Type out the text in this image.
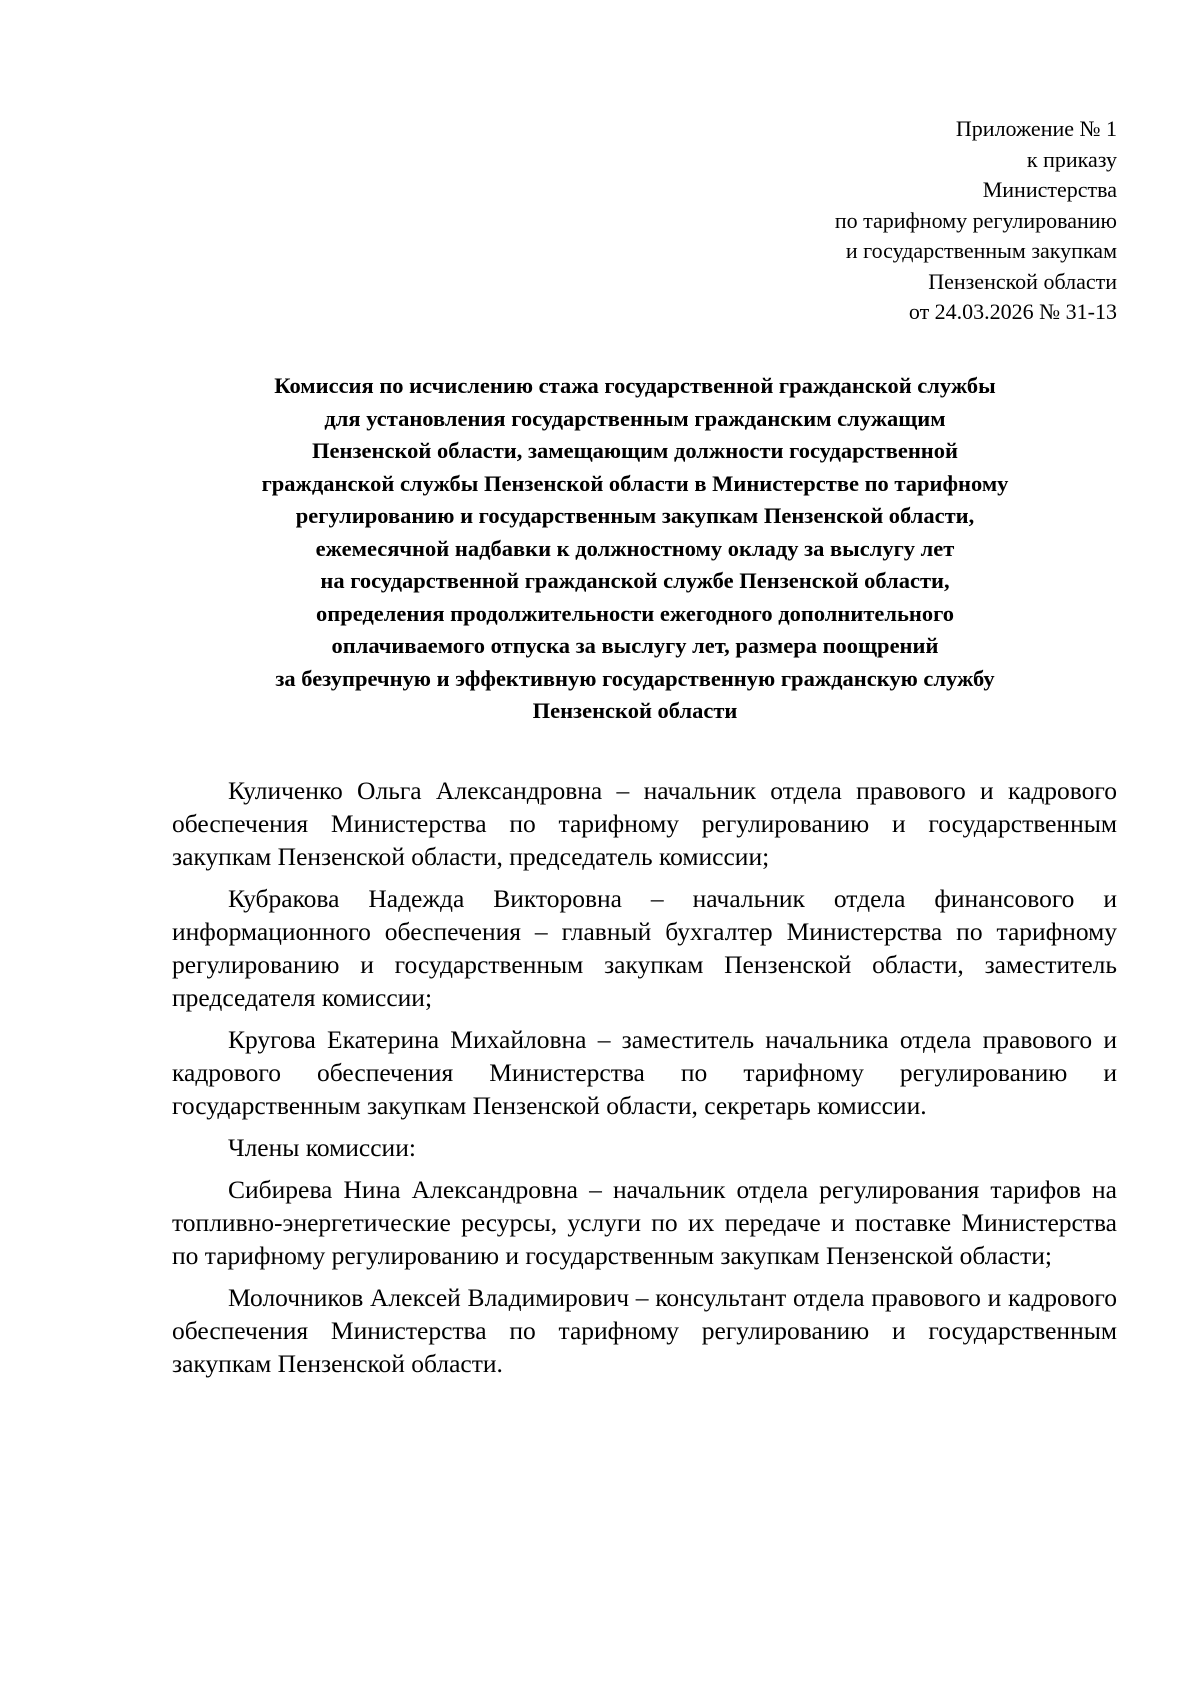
Приложение № 1
к приказу
Министерства
по тарифному регулированию
и государственным закупкам
Пензенской области
от 24.03.2026 № 31-13
Комиссия по исчислению стажа государственной гражданской службы
для установления государственным гражданским служащим
Пензенской области, замещающим должности государственной
гражданской службы Пензенской области в Министерстве по тарифному
регулированию и государственным закупкам Пензенской области,
ежемесячной надбавки к должностному окладу за выслугу лет
на государственной гражданской службе Пензенской области,
определения продолжительности ежегодного дополнительного
оплачиваемого отпуска за выслугу лет, размера поощрений
за безупречную и эффективную государственную гражданскую службу
Пензенской области

Куличенко Ольга Александровна – начальник отдела правового и кадрового обеспечения Министерства по тарифному регулированию и государственным закупкам Пензенской области, председатель комиссии;

Кубракова Надежда Викторовна – начальник отдела финансового и информационного обеспечения – главный бухгалтер Министерства по тарифному регулированию и государственным закупкам Пензенской области, заместитель председателя комиссии;

Кругова Екатерина Михайловна – заместитель начальника отдела правового и кадрового обеспечения Министерства по тарифному регулированию и государственным закупкам Пензенской области, секретарь комиссии.

Члены комиссии:

Сибирева Нина Александровна – начальник отдела регулирования тарифов на топливно-энергетические ресурсы, услуги по их передаче и поставке Министерства по тарифному регулированию и государственным закупкам Пензенской области;

Молочников Алексей Владимирович – консультант отдела правового и кадрового обеспечения Министерства по тарифному регулированию и государственным закупкам Пензенской области.
